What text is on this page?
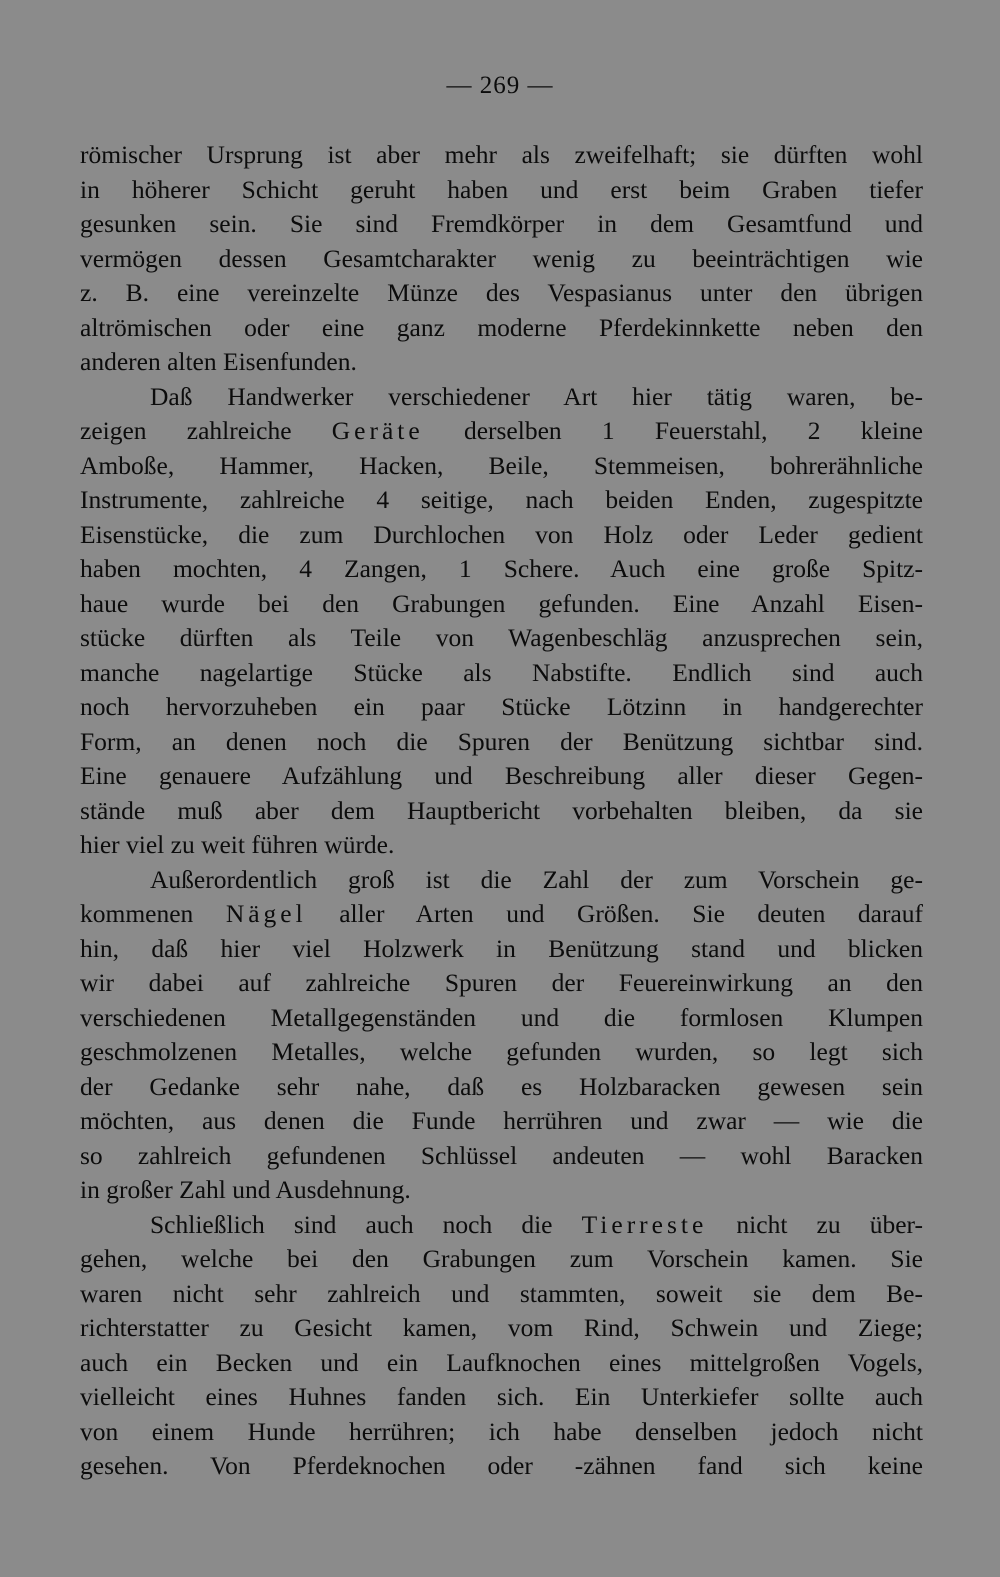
— 269 —
römischer Ursprung ist aber mehr als zweifelhaft; sie dürften wohl
in höherer Schicht geruht haben und erst beim Graben tiefer
gesunken sein. Sie sind Fremdkörper in dem Gesamtfund und
vermögen dessen Gesamtcharakter wenig zu beeinträchtigen wie
z. B. eine vereinzelte Münze des Vespasianus unter den übrigen
altrömischen oder eine ganz moderne Pferdekinnkette neben den
anderen alten Eisenfunden.
Daß Handwerker verschiedener Art hier tätig waren, be-
zeigen zahlreiche Geräte derselben 1 Feuerstahl, 2 kleine
Amboße, Hammer, Hacken, Beile, Stemmeisen, bohrerähnliche
Instrumente, zahlreiche 4 seitige, nach beiden Enden, zugespitzte
Eisenstücke, die zum Durchlochen von Holz oder Leder gedient
haben mochten, 4 Zangen, 1 Schere. Auch eine große Spitz-
haue wurde bei den Grabungen gefunden. Eine Anzahl Eisen-
stücke dürften als Teile von Wagenbeschläg anzusprechen sein,
manche nagelartige Stücke als Nabstifte. Endlich sind auch
noch hervorzuheben ein paar Stücke Lötzinn in handgerechter
Form, an denen noch die Spuren der Benützung sichtbar sind.
Eine genauere Aufzählung und Beschreibung aller dieser Gegen-
stände muß aber dem Hauptbericht vorbehalten bleiben, da sie
hier viel zu weit führen würde.
Außerordentlich groß ist die Zahl der zum Vorschein ge-
kommenen Nägel aller Arten und Größen. Sie deuten darauf
hin, daß hier viel Holzwerk in Benützung stand und blicken
wir dabei auf zahlreiche Spuren der Feuereinwirkung an den
verschiedenen Metallgegenständen und die formlosen Klumpen
geschmolzenen Metalles, welche gefunden wurden, so legt sich
der Gedanke sehr nahe, daß es Holzbaracken gewesen sein
möchten, aus denen die Funde herrühren und zwar — wie die
so zahlreich gefundenen Schlüssel andeuten — wohl Baracken
in großer Zahl und Ausdehnung.
Schließlich sind auch noch die Tierreste nicht zu über-
gehen, welche bei den Grabungen zum Vorschein kamen. Sie
waren nicht sehr zahlreich und stammten, soweit sie dem Be-
richterstatter zu Gesicht kamen, vom Rind, Schwein und Ziege;
auch ein Becken und ein Laufknochen eines mittelgroßen Vogels,
vielleicht eines Huhnes fanden sich. Ein Unterkiefer sollte auch
von einem Hunde herrühren; ich habe denselben jedoch nicht
gesehen. Von Pferdeknochen oder -zähnen fand sich keine
